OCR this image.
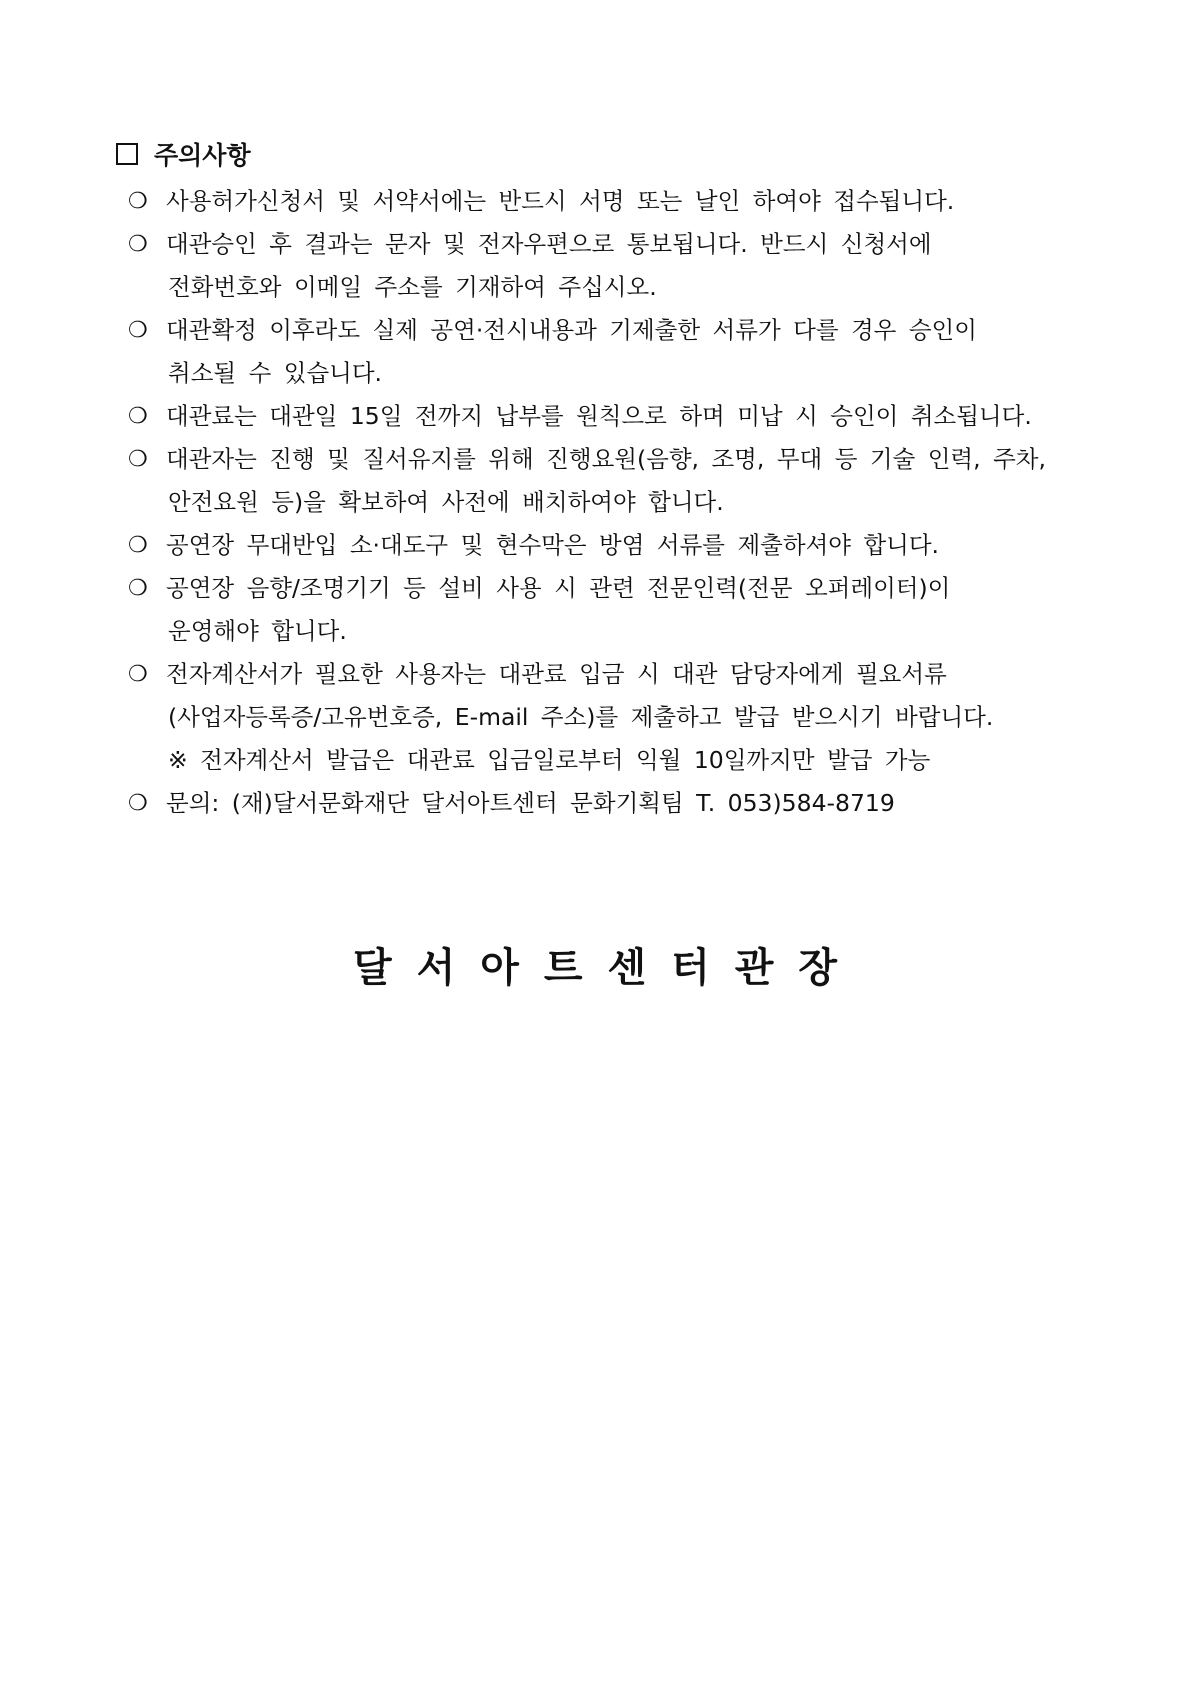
주의사항
❍ 사용허가신청서 및 서약서에는 반드시 서명 또는 날인 하여야 접수됩니다.
❍ 대관승인 후 결과는 문자 및 전자우편으로 통보됩니다. 반드시 신청서에
전화번호와 이메일 주소를 기재하여 주십시오.
❍ 대관확정 이후라도 실제 공연·전시내용과 기제출한 서류가 다를 경우 승인이
취소될 수 있습니다.
❍ 대관료는 대관일 15일 전까지 납부를 원칙으로 하며 미납 시 승인이 취소됩니다.
❍ 대관자는 진행 및 질서유지를 위해 진행요원(음향, 조명, 무대 등 기술 인력, 주차,
안전요원 등)을 확보하여 사전에 배치하여야 합니다.
❍ 공연장 무대반입 소·대도구 및 현수막은 방염 서류를 제출하셔야 합니다.
❍ 공연장 음향/조명기기 등 설비 사용 시 관련 전문인력(전문 오퍼레이터)이
운영해야 합니다.
❍ 전자계산서가 필요한 사용자는 대관료 입금 시 대관 담당자에게 필요서류
(사업자등록증/고유번호증, E-mail 주소)를 제출하고 발급 받으시기 바랍니다.
※ 전자계산서 발급은 대관료 입금일로부터 익월 10일까지만 발급 가능
❍ 문의: (재)달서문화재단 달서아트센터 문화기획팀 T. 053)584-8719
달서아트센터관장
